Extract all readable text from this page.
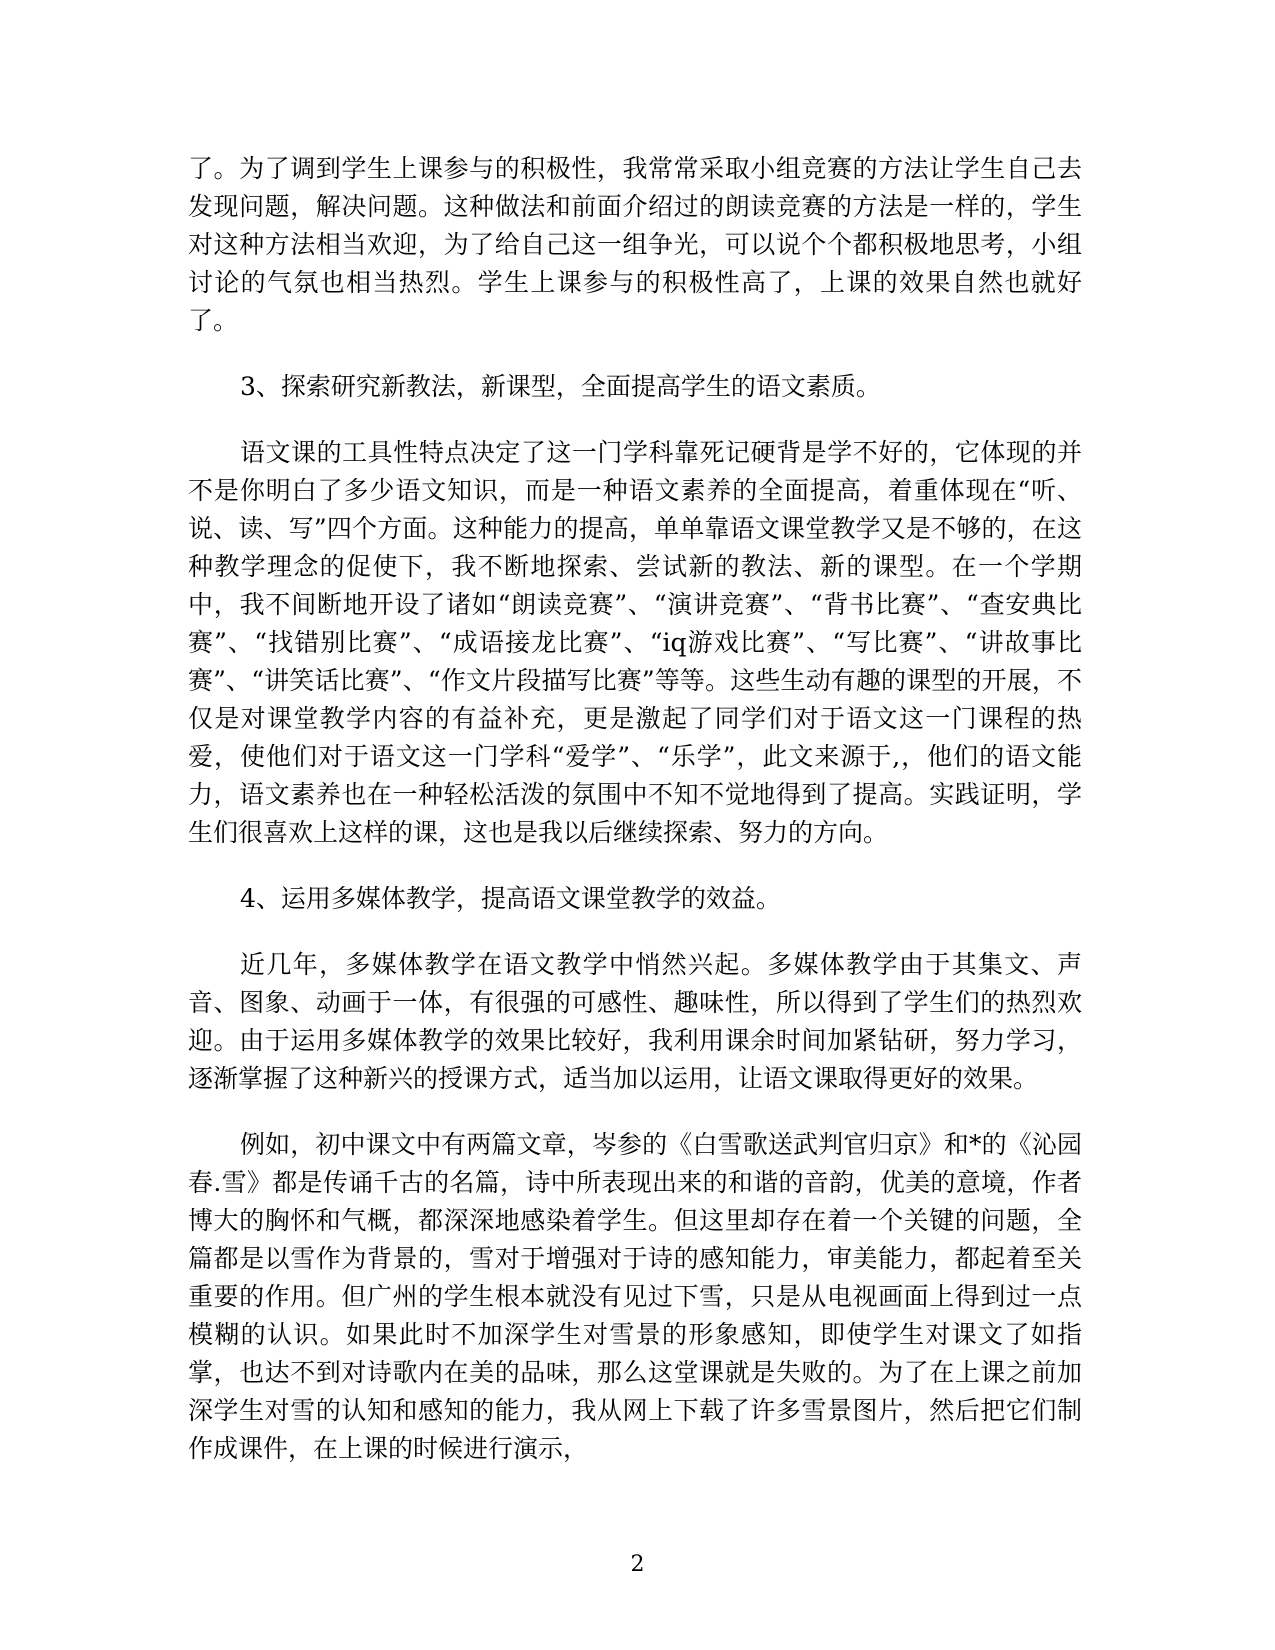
了。为了调到学生上课参与的积极性，我常常采取小组竞赛的方法让学生自己去发现问题，解决问题。这种做法和前面介绍过的朗读竞赛的方法是一样的，学生对这种方法相当欢迎，为了给自己这一组争光，可以说个个都积极地思考，小组讨论的气氛也相当热烈。学生上课参与的积极性高了，上课的效果自然也就好了。

3、探索研究新教法，新课型，全面提高学生的语文素质。

语文课的工具性特点决定了这一门学科靠死记硬背是学不好的，它体现的并不是你明白了多少语文知识，而是一种语文素养的全面提高，着重体现在“听、说、读、写”四个方面。这种能力的提高，单单靠语文课堂教学又是不够的，在这种教学理念的促使下，我不断地探索、尝试新的教法、新的课型。在一个学期中，我不间断地开设了诸如“朗读竞赛”、“演讲竞赛”、“背书比赛”、“查安典比赛”、“找错别比赛”、“成语接龙比赛”、“iq游戏比赛”、“写比赛”、“讲故事比赛”、“讲笑话比赛”、“作文片段描写比赛”等等。这些生动有趣的课型的开展，不仅是对课堂教学内容的有益补充，更是激起了同学们对于语文这一门课程的热爱，使他们对于语文这一门学科“爱学”、“乐学”，此文来源于,，他们的语文能力，语文素养也在一种轻松活泼的氛围中不知不觉地得到了提高。实践证明，学生们很喜欢上这样的课，这也是我以后继续探索、努力的方向。

4、运用多媒体教学，提高语文课堂教学的效益。

近几年，多媒体教学在语文教学中悄然兴起。多媒体教学由于其集文、声音、图象、动画于一体，有很强的可感性、趣味性，所以得到了学生们的热烈欢迎。由于运用多媒体教学的效果比较好，我利用课余时间加紧钻研，努力学习，逐渐掌握了这种新兴的授课方式，适当加以运用，让语文课取得更好的效果。

例如，初中课文中有两篇文章，岑参的《白雪歌送武判官归京》和*的《沁园春.雪》都是传诵千古的名篇，诗中所表现出来的和谐的音韵，优美的意境，作者博大的胸怀和气概，都深深地感染着学生。但这里却存在着一个关键的问题，全篇都是以雪作为背景的，雪对于增强对于诗的感知能力，审美能力，都起着至关重要的作用。但广州的学生根本就没有见过下雪，只是从电视画面上得到过一点模糊的认识。如果此时不加深学生对雪景的形象感知，即使学生对课文了如指掌，也达不到对诗歌内在美的品味，那么这堂课就是失败的。为了在上课之前加深学生对雪的认知和感知的能力，我从网上下载了许多雪景图片，然后把它们制作成课件，在上课的时候进行演示，

2
